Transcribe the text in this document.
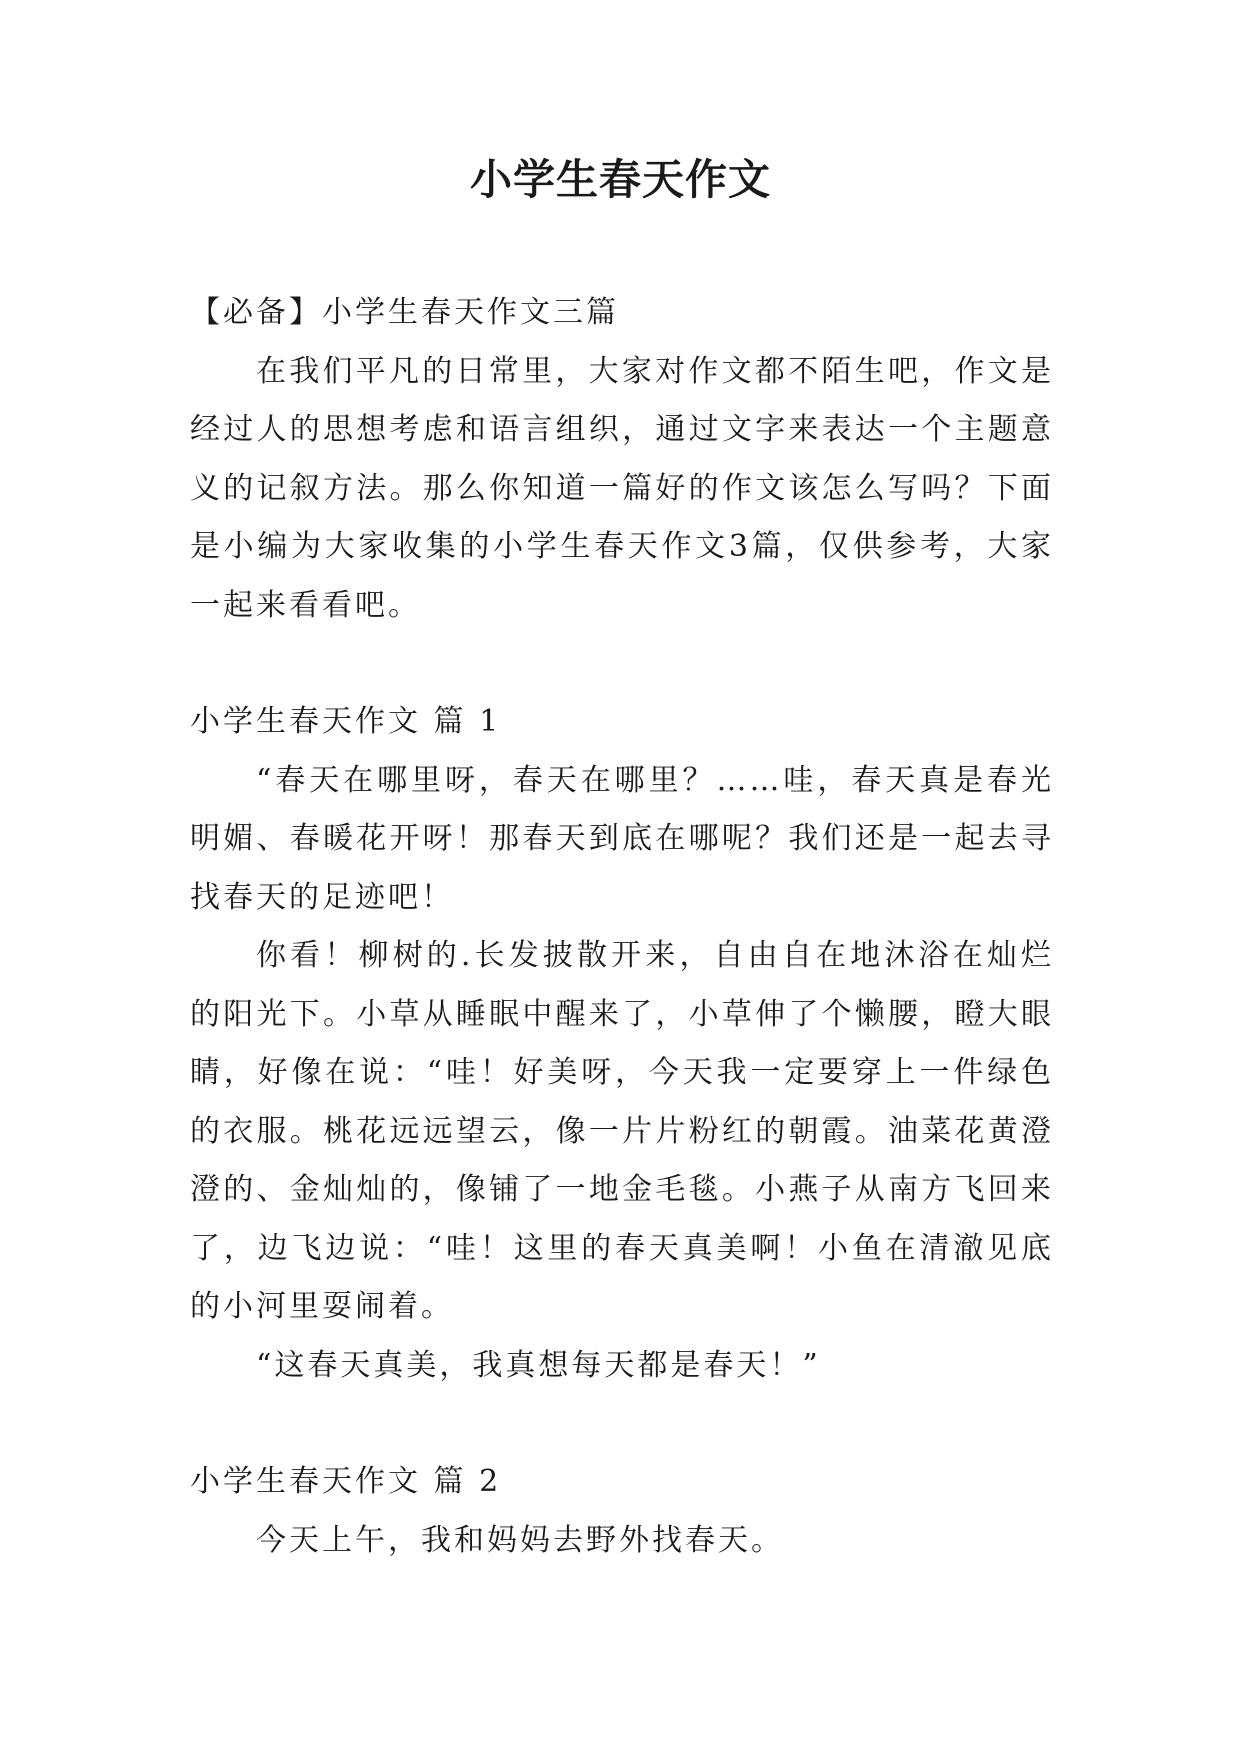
小学生春天作文

【必备】小学生春天作文三篇

在我们平凡的日常里，大家对作文都不陌生吧，作文是经过人的思想考虑和语言组织，通过文字来表达一个主题意义的记叙方法。那么你知道一篇好的作文该怎么写吗？下面是小编为大家收集的小学生春天作文3篇，仅供参考，大家一起来看看吧。

小学生春天作文 篇 1

“春天在哪里呀，春天在哪里？……哇，春天真是春光明媚、春暖花开呀！那春天到底在哪呢？我们还是一起去寻找春天的足迹吧！

你看！柳树的.长发披散开来，自由自在地沐浴在灿烂的阳光下。小草从睡眠中醒来了，小草伸了个懒腰，瞪大眼睛，好像在说：“哇！好美呀，今天我一定要穿上一件绿色的衣服。桃花远远望云，像一片片粉红的朝霞。油菜花黄澄澄的、金灿灿的，像铺了一地金毛毯。小燕子从南方飞回来了，边飞边说：“哇！这里的春天真美啊！小鱼在清澈见底的小河里耍闹着。

“这春天真美，我真想每天都是春天！”

小学生春天作文 篇 2

今天上午，我和妈妈去野外找春天。
